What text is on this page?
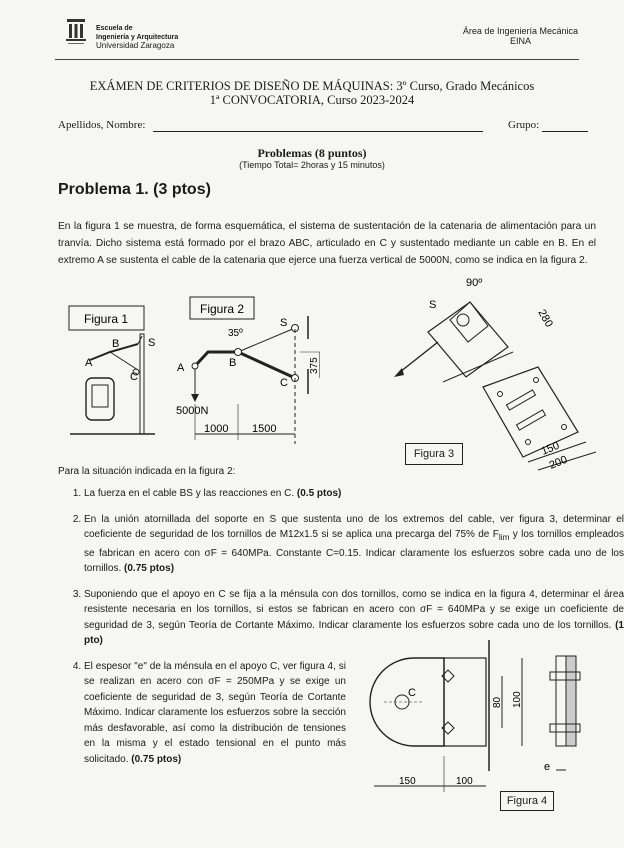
Escuela de
Ingeniería y Arquitectura
Universidad Zaragoza
Área de Ingeniería Mecánica
EINA
EXÁMEN DE CRITERIOS DE DISEÑO DE MÁQUINAS: 3º Curso, Grado Mecánicos
1ª CONVOCATORIA, Curso 2023-2024
Apellidos, Nombre:	Grupo:
Problemas (8 puntos)
(Tiempo Total= 2horas y 15 minutos)
Problema 1. (3 ptos)
En la figura 1 se muestra, de forma esquemática, el sistema de sustentación de la catenaria de alimentación para un tranvía. Dicho sistema está formado por el brazo ABC, articulado en C y sustentado mediante un cable en B. En el extremo A se sustenta el cable de la catenaria que ejerce una fuerza vertical de 5000N, como se indica en la figura 2.
Figura 1
A
B
C
S
Figura 2
35º
A	B
C
S
5000N
1000 1500
375
90º
S
280
150
200
Figura 3
Para la situación indicada en la figura 2:
1. La fuerza en el cable BS y las reacciones en C. (0.5 ptos)
2. En la unión atornillada del soporte en S que sustenta uno de los extremos del cable, ver figura 3, determinar el coeficiente de seguridad de los tornillos de M12x1.5 si se aplica una precarga del 75% de $F_{lim}$ y los tornillos empleados se fabrican en acero con σF = 640MPa. Constante C=0.15. Indicar claramente los esfuerzos sobre cada uno de los tornillos. (0.75 ptos)
3. Suponiendo que el apoyo en C se fija a la ménsula con dos tornillos, como se indica en la figura 4, determinar el área resistente necesaria en los tornillos, si estos se fabrican en acero con σF = 640MPa y se exige un coeficiente de seguridad de 3, según Teoría de Cortante Máximo. Indicar claramente los esfuerzos sobre cada uno de los tornillos. (1 pto)
4. El espesor "e" de la ménsula en el apoyo C, ver figura 4, si se realizan en acero con σF = 250MPa y se exige un coeficiente de seguridad de 3, según Teoría de Cortante Máximo. Indicar claramente los esfuerzos sobre la sección más desfavorable, así como la distribución de tensiones en la misma y el estado tensional en el punto más solicitado. (0.75 ptos)
C
80 100
150	100
e
Figura 4
